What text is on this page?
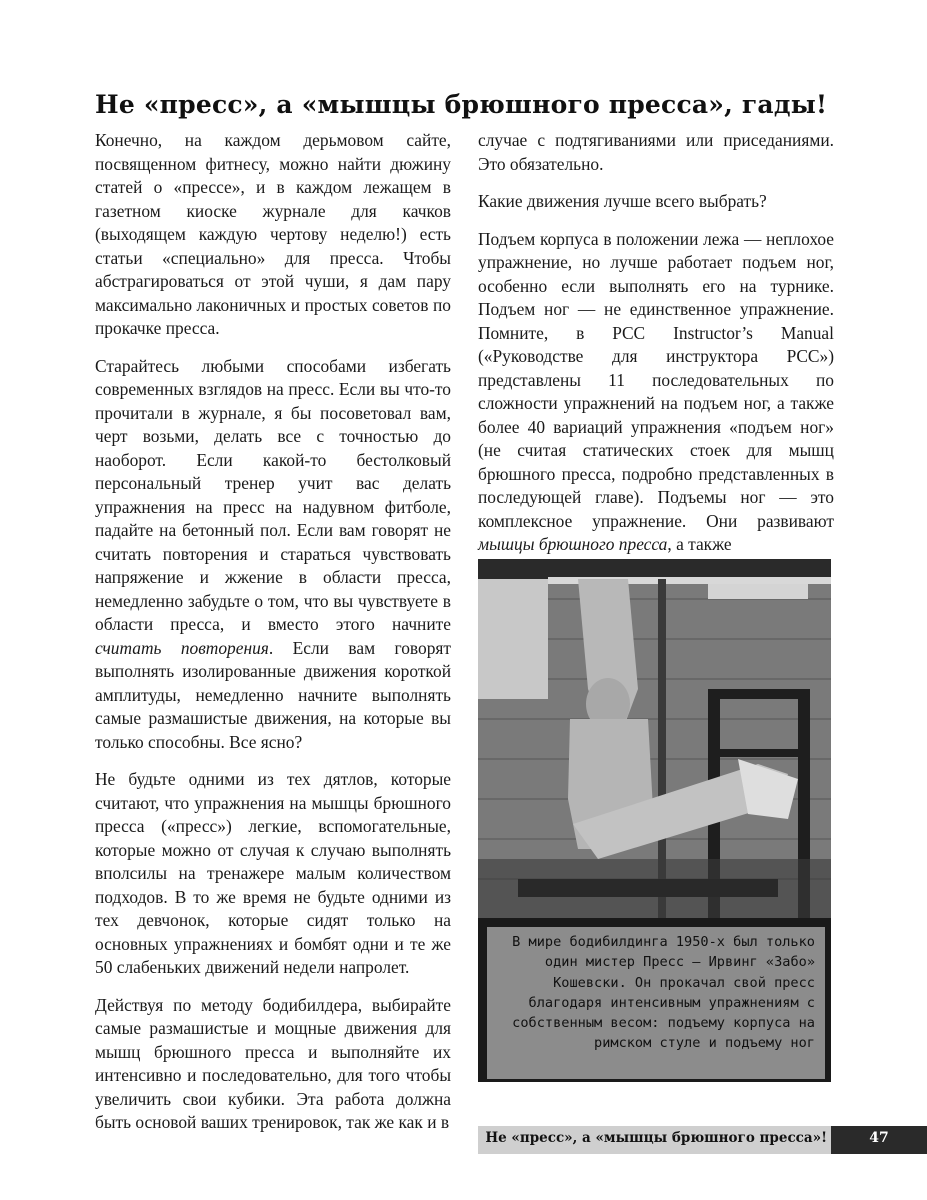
Не «пресс», а «мышцы брюшного пресса», гады!

Конечно, на каждом дерьмовом сайте, посвященном фитнесу, можно найти дюжину статей о «прессе», и в каждом лежащем в газетном киоске журнале для качков (выходящем каждую чертову неделю!) есть статьи «специально» для пресса. Чтобы абстрагироваться от этой чуши, я дам пару максимально лаконичных и простых советов по прокачке пресса.

Старайтесь любыми способами избегать современных взглядов на пресс. Если вы что-то прочитали в журнале, я бы посоветовал вам, черт возьми, делать все с точностью до наоборот. Если какой-то бестолковый персональный тренер учит вас делать упражнения на пресс на надувном фитболе, падайте на бетонный пол. Если вам говорят не считать повторения и стараться чувствовать напряжение и жжение в области пресса, немедленно забудьте о том, что вы чувствуете в области пресса, и вместо этого начните считать повторения. Если вам говорят выполнять изолированные движения короткой амплитуды, немедленно начните выполнять самые размашистые движения, на которые вы только способны. Все ясно?

Не будьте одними из тех дятлов, которые считают, что упражнения на мышцы брюшного пресса («пресс») легкие, вспомогательные, которые можно от случая к случаю выполнять вполсилы на тренажере малым количеством подходов. В то же время не будьте одними из тех девчонок, которые сидят только на основных упражнениях и бомбят одни и те же 50 слабеньких движений недели напролет.

Действуя по методу бодибилдера, выбирайте самые размашистые и мощные движения для мышц брюшного пресса и выполняйте их интенсивно и последовательно, для того чтобы увеличить свои кубики. Эта работа должна быть основой ваших тренировок, так же как и в

случае с подтягиваниями или приседаниями. Это обязательно.

Какие движения лучше всего выбрать?

Подъем корпуса в положении лежа — неплохое упражнение, но лучше работает подъем ног, особенно если выполнять его на турнике. Подъем ног — не единственное упражнение. Помните, в PCC Instructor’s Manual («Руководстве для инструктора PCC») представлены 11 последовательных по сложности упражнений на подъем ног, а также более 40 вариаций упражнения «подъем ног» (не считая статических стоек для мышц брюшного пресса, подробно представленных в последующей главе). Подъемы ног — это комплексное упражнение. Они развивают мышцы брюшного пресса, а также

В мире бодибилдинга 1950-х был только один мистер Пресс — Ирвинг «Забо» Кошевски. Он прокачал свой пресс благодаря интенсивным упражнениям с собственным весом: подъему корпуса на римском стуле и подъему ног
Не «пресс», а «мышцы брюшного пресса»!	47
